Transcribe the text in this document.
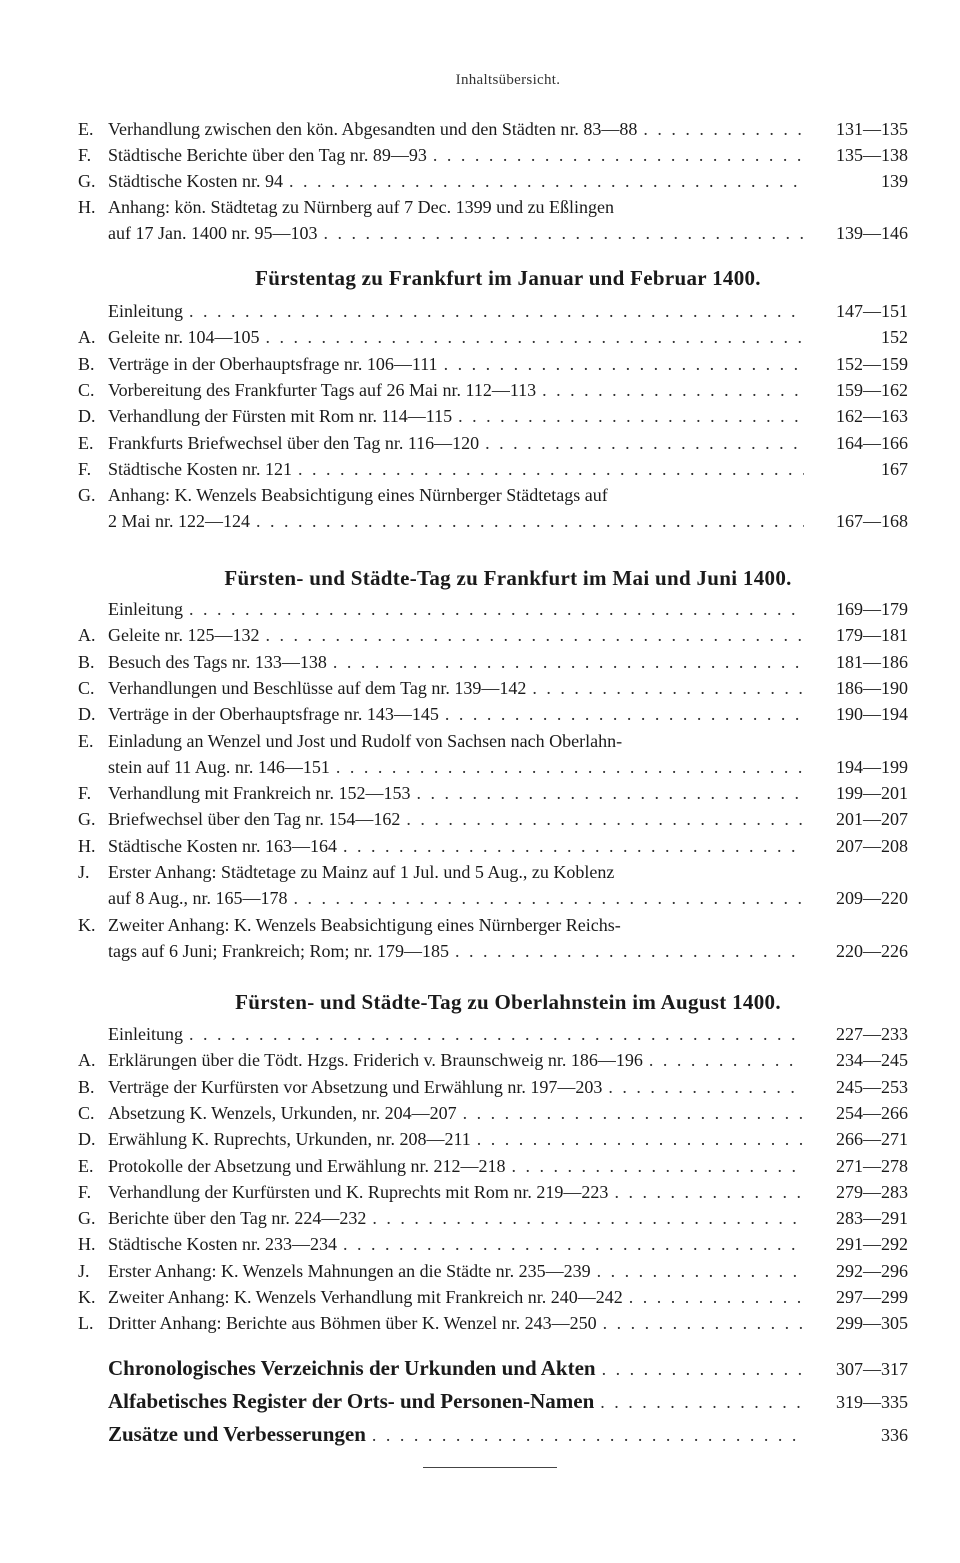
Inhaltsübersicht.
E. Verhandlung zwischen den kön. Abgesandten und den Städten nr. 83—88 . . .	131—135
F. Städtische Berichte über den Tag nr. 89—93 . . .	135—138
G. Städtische Kosten nr. 94 . . .	139
H. Anhang: kön. Städtetag zu Nürnberg auf 7 Dec. 1399 und zu Eßlingen
auf 17 Jan. 1400 nr. 95—103 . . .	139—146
Fürstentag zu Frankfurt im Januar und Februar 1400.
Einleitung . . .	147—151
A. Geleite nr. 104—105 . . .	152
B. Verträge in der Oberhauptsfrage nr. 106—111 . . .	152—159
C. Vorbereitung des Frankfurter Tags auf 26 Mai nr. 112—113 . . .	159—162
D. Verhandlung der Fürsten mit Rom nr. 114—115 . . .	162—163
E. Frankfurts Briefwechsel über den Tag nr. 116—120 . . .	164—166
F. Städtische Kosten nr. 121 . . .	167
G. Anhang: K. Wenzels Beabsichtigung eines Nürnberger Städtetags auf
2 Mai nr. 122—124 . . .	167—168
Fürsten- und Städte-Tag zu Frankfurt im Mai und Juni 1400.
Einleitung . . .	169—179
A. Geleite nr. 125—132 . . .	179—181
B. Besuch des Tags nr. 133—138 . . .	181—186
C. Verhandlungen und Beschlüsse auf dem Tag nr. 139—142 . . .	186—190
D. Verträge in der Oberhauptsfrage nr. 143—145 . . .	190—194
E. Einladung an Wenzel und Jost und Rudolf von Sachsen nach Oberlahn-
stein auf 11 Aug. nr. 146—151 . . .	194—199
F. Verhandlung mit Frankreich nr. 152—153 . . .	199—201
G. Briefwechsel über den Tag nr. 154—162 . . .	201—207
H. Städtische Kosten nr. 163—164 . . .	207—208
J.	Erster Anhang: Städtetage zu Mainz auf 1 Jul. und 5 Aug., zu Koblenz
auf 8 Aug., nr. 165—178 . . .	209—220
K. Zweiter Anhang: K. Wenzels Beabsichtigung eines Nürnberger Reichs-
tags auf 6 Juni; Frankreich; Rom; nr. 179—185 . . .	220—226
Fürsten- und Städte-Tag zu Oberlahnstein im August 1400.
Einleitung . . .	227—233
A. Erklärungen über die Tödt. Hzgs. Friderich v. Braunschweig nr. 186—196 . . .	234—245
B. Verträge der Kurfürsten vor Absetzung und Erwählung nr. 197—203 . . .	245—253
C. Absetzung K. Wenzels, Urkunden, nr. 204—207 . . .	254—266
D. Erwählung K. Ruprechts, Urkunden, nr. 208—211 . . .	266—271
E. Protokolle der Absetzung und Erwählung nr. 212—218 . . .	271—278
F. Verhandlung der Kurfürsten und K. Ruprechts mit Rom nr. 219—223 . . .	279—283
G. Berichte über den Tag nr. 224—232 . . .	283—291
H. Städtische Kosten nr. 233—234 . . .	291—292
J.	Erster Anhang: K. Wenzels Mahnungen an die Städte nr. 235—239 . . .	292—296
K. Zweiter Anhang: K. Wenzels Verhandlung mit Frankreich nr. 240—242 . . .	297—299
L. Dritter Anhang: Berichte aus Böhmen über K. Wenzel nr. 243—250 . . .	299—305
Chronologisches Verzeichnis der Urkunden und Akten . . .	307—317
Alfabetisches Register der Orts- und Personen-Namen . . .	319—335
Zusätze und Verbesserungen . . .	336
